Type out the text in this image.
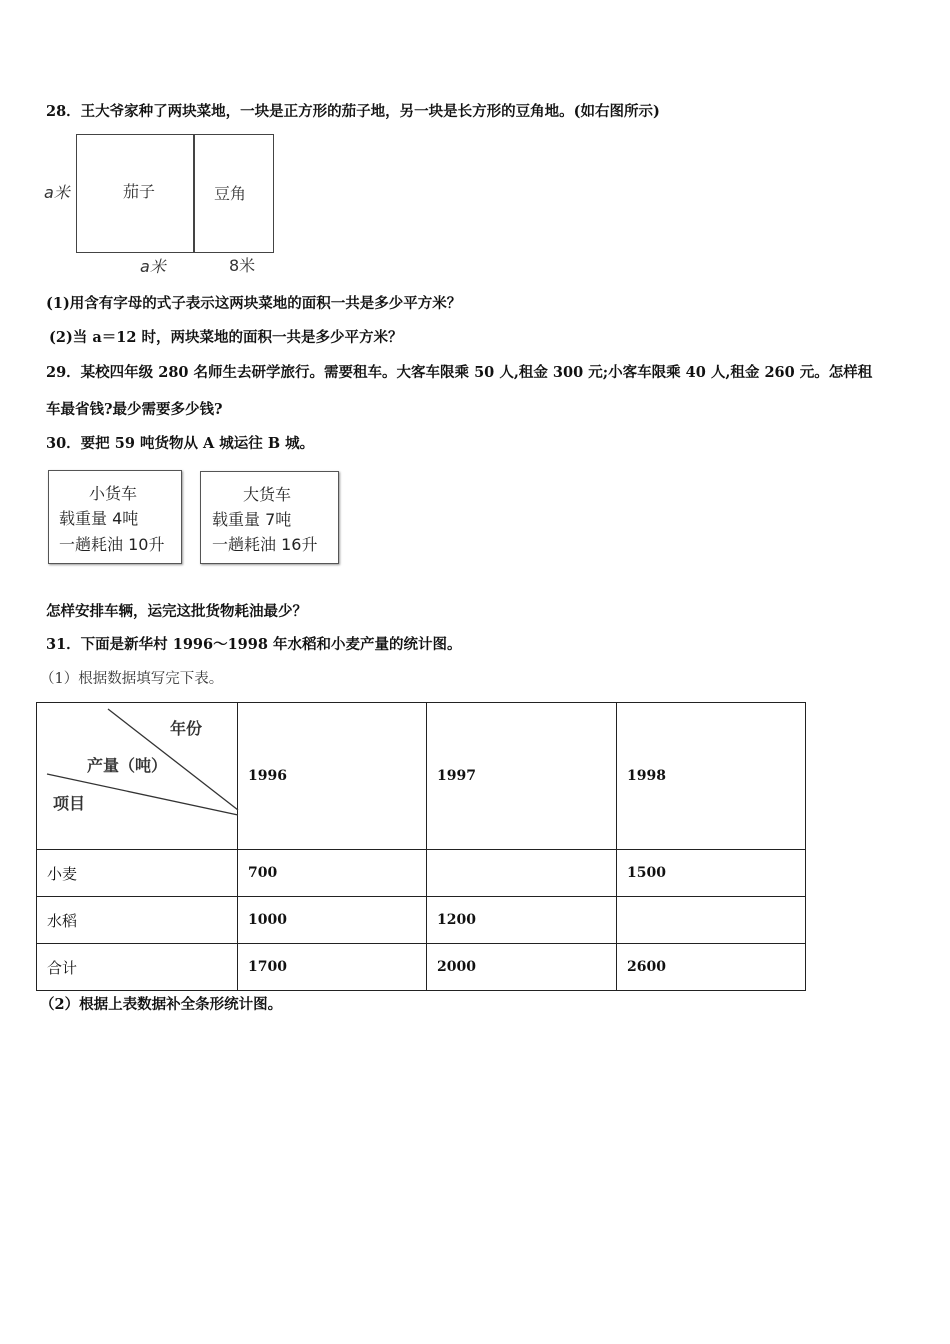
28．王大爷家种了两块菜地，一块是正方形的茄子地，另一块是长方形的豆角地。(如右图所示)
a米	茄子	豆角
a米	8米
(1)用含有字母的式子表示这两块菜地的面积一共是多少平方米？
(2)当 a＝12 时，两块菜地的面积一共是多少平方米？
29．某校四年级 280 名师生去研学旅行。需要租车。大客车限乘 50 人,租金 300 元;小客车限乘 40 人,租金 260 元。怎样租
车最省钱?最少需要多少钱?
30．要把 59 吨货物从 A 城运往 B 城。
小货车
载重量 4吨
一趟耗油 10升
大货车
载重量 7吨
一趟耗油 16升
怎样安排车辆，运完这批货物耗油最少？
31．下面是新华村 1996～1998 年水稻和小麦产量的统计图。
（1）根据数据填写完下表。
年份
产量（吨）
项目	1996	1997	1998
小麦	700		1500
水稻	1000	1200	
合计	1700	2000	2600
（2）根据上表数据补全条形统计图。
